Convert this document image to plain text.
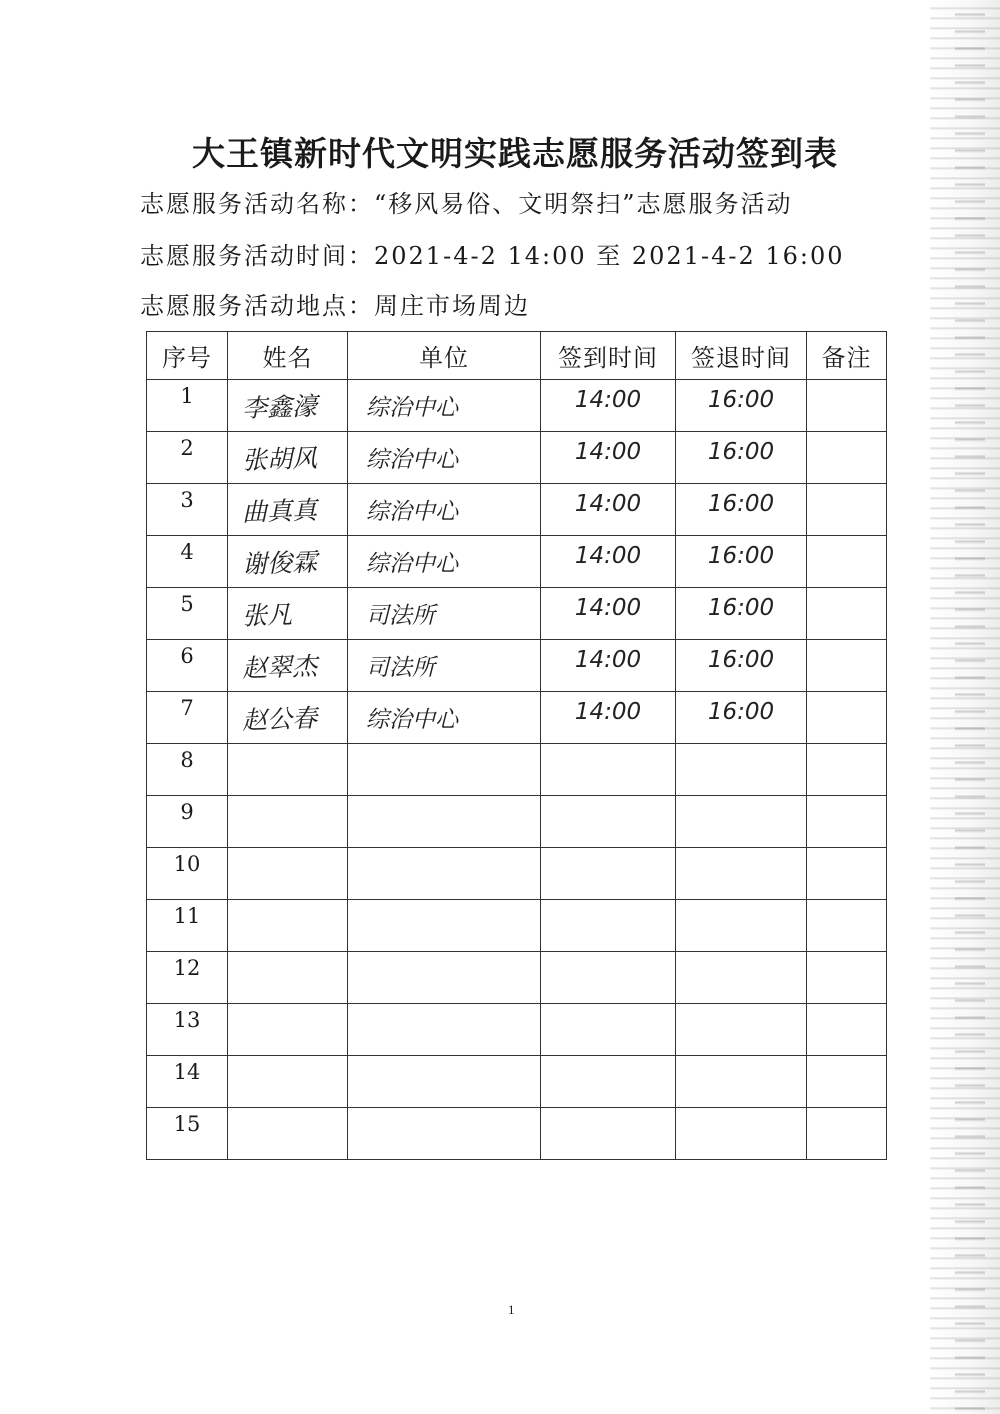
大王镇新时代文明实践志愿服务活动签到表
志愿服务活动名称：“移风易俗、文明祭扫”志愿服务活动
志愿服务活动时间：2021-4-2 14:00 至 2021-4-2 16:00
志愿服务活动地点：周庄市场周边
序号	姓名	单位	签到时间	签退时间	备注
1	李鑫濠	综治中心	14:00	16:00	
2	张胡风	综治中心	14:00	16:00	
3	曲真真	综治中心	14:00	16:00	
4	谢俊霖	综治中心	14:00	16:00	
5	张凡	司法所	14:00	16:00	
6	赵翠杰	司法所	14:00	16:00	
7	赵公春	综治中心	14:00	16:00	
8					
9					
10					
11					
12					
13					
14					
15					
1
